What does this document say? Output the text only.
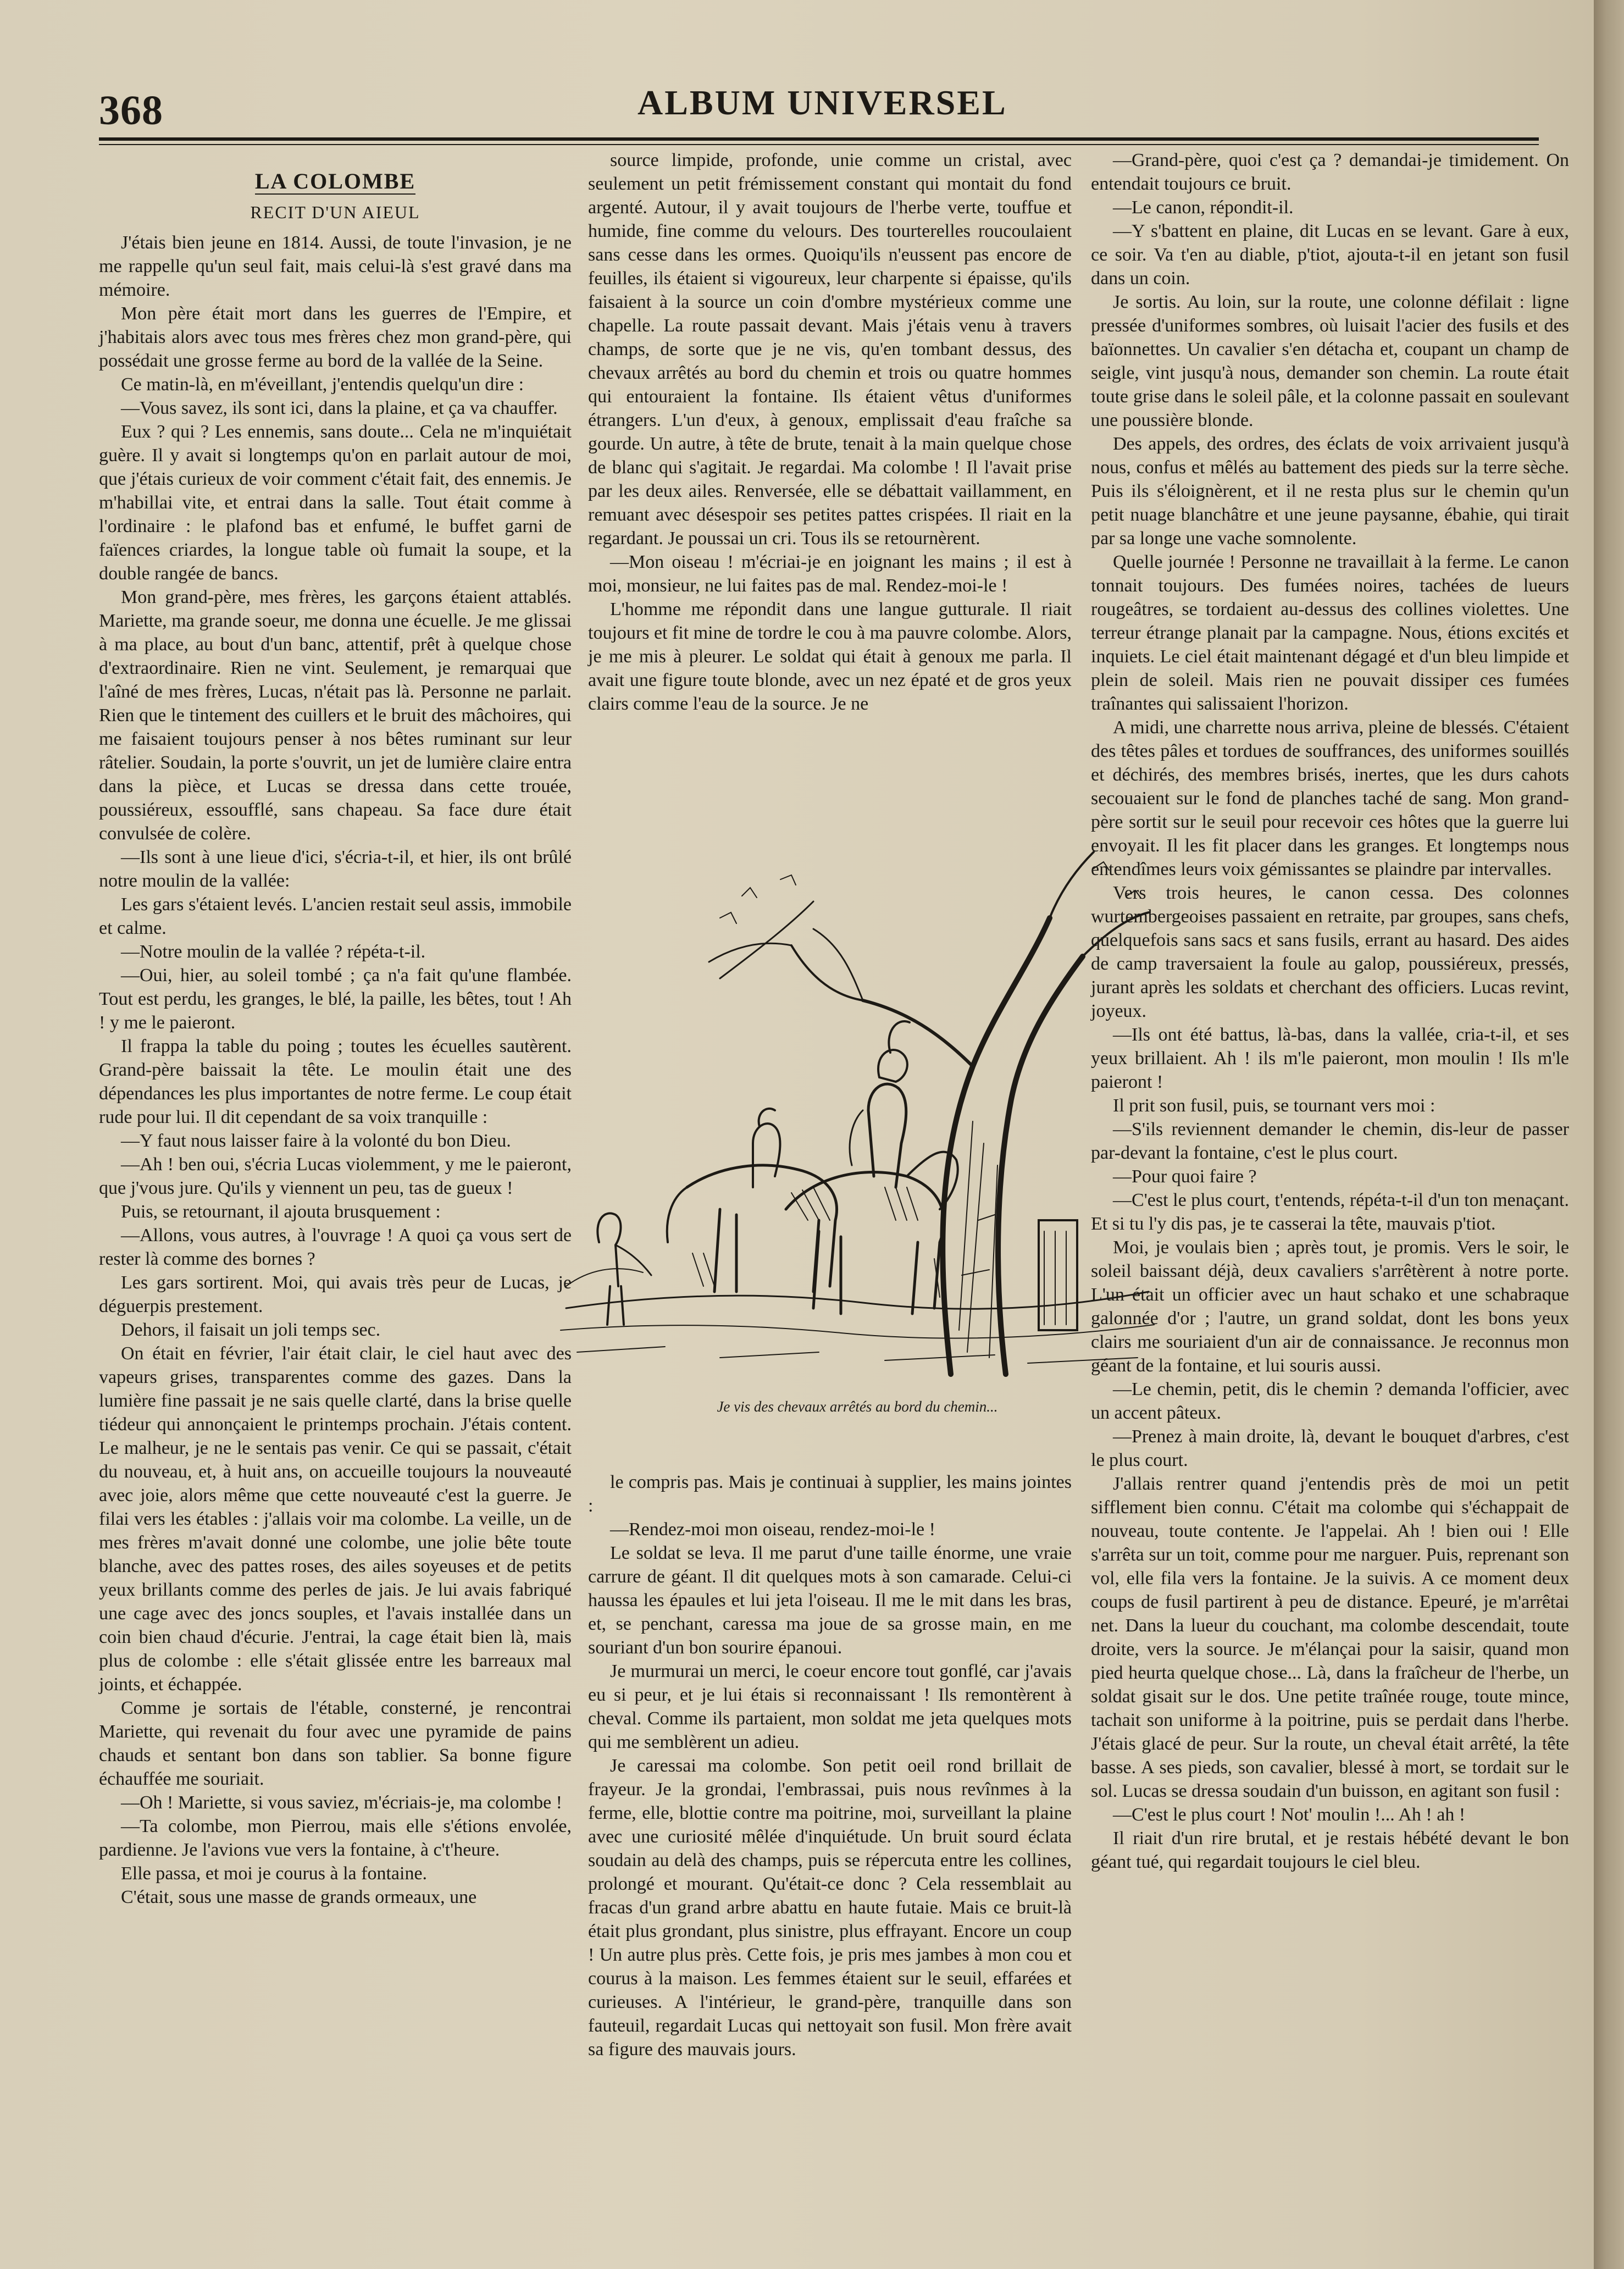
368	ALBUM UNIVERSEL
LA COLOMBE
RECIT D'UN AIEUL

J'étais bien jeune en 1814. Aussi, de toute l'invasion, je ne me rappelle qu'un seul fait, mais celui-là s'est gravé dans ma mémoire.

Mon père était mort dans les guerres de l'Empire, et j'habitais alors avec tous mes frères chez mon grand-père, qui possédait une grosse ferme au bord de la vallée de la Seine.

Ce matin-là, en m'éveillant, j'entendis quelqu'un dire :

—Vous savez, ils sont ici, dans la plaine, et ça va chauffer.

Eux ? qui ? Les ennemis, sans doute... Cela ne m'inquiétait guère. Il y avait si longtemps qu'on en parlait autour de moi, que j'étais curieux de voir comment c'était fait, des ennemis. Je m'habillai vite, et entrai dans la salle. Tout était comme à l'ordinaire : le plafond bas et enfumé, le buffet garni de faïences criardes, la longue table où fumait la soupe, et la double rangée de bancs.

Mon grand-père, mes frères, les garçons étaient attablés. Mariette, ma grande soeur, me donna une écuelle. Je me glissai à ma place, au bout d'un banc, attentif, prêt à quelque chose d'extraordinaire. Rien ne vint. Seulement, je remarquai que l'aîné de mes frères, Lucas, n'était pas là. Personne ne parlait. Rien que le tintement des cuillers et le bruit des mâchoires, qui me faisaient toujours penser à nos bêtes ruminant sur leur râtelier. Soudain, la porte s'ouvrit, un jet de lumière claire entra dans la pièce, et Lucas se dressa dans cette trouée, poussiéreux, essoufflé, sans chapeau. Sa face dure était convulsée de colère.

—Ils sont à une lieue d'ici, s'écria-t-il, et hier, ils ont brûlé notre moulin de la vallée:

Les gars s'étaient levés. L'ancien restait seul assis, immobile et calme.

—Notre moulin de la vallée ? répéta-t-il.

—Oui, hier, au soleil tombé ; ça n'a fait qu'une flambée. Tout est perdu, les granges, le blé, la paille, les bêtes, tout ! Ah ! y me le paieront.

Il frappa la table du poing ; toutes les écuelles sautèrent. Grand-père baissait la tête. Le moulin était une des dépendances les plus importantes de notre ferme. Le coup était rude pour lui. Il dit cependant de sa voix tranquille :

—Y faut nous laisser faire à la volonté du bon Dieu.

—Ah ! ben oui, s'écria Lucas violemment, y me le paieront, que j'vous jure. Qu'ils y viennent un peu, tas de gueux !

Puis, se retournant, il ajouta brusquement :

—Allons, vous autres, à l'ouvrage ! A quoi ça vous sert de rester là comme des bornes ?

Les gars sortirent. Moi, qui avais très peur de Lucas, je déguerpis prestement.

Dehors, il faisait un joli temps sec.

On était en février, l'air était clair, le ciel haut avec des vapeurs grises, transparentes comme des gazes. Dans la lumière fine passait je ne sais quelle clarté, dans la brise quelle tiédeur qui annonçaient le printemps prochain. J'étais content. Le malheur, je ne le sentais pas venir. Ce qui se passait, c'était du nouveau, et, à huit ans, on accueille toujours la nouveauté avec joie, alors même que cette nouveauté c'est la guerre. Je filai vers les étables : j'allais voir ma colombe. La veille, un de mes frères m'avait donné une colombe, une jolie bête toute blanche, avec des pattes roses, des ailes soyeuses et de petits yeux brillants comme des perles de jais. Je lui avais fabriqué une cage avec des joncs souples, et l'avais installée dans un coin bien chaud d'écurie. J'entrai, la cage était bien là, mais plus de colombe : elle s'était glissée entre les barreaux mal joints, et échappée.

Comme je sortais de l'étable, consterné, je rencontrai Mariette, qui revenait du four avec une pyramide de pains chauds et sentant bon dans son tablier. Sa bonne figure échauffée me souriait.

—Oh ! Mariette, si vous saviez, m'écriais-je, ma colombe !

—Ta colombe, mon Pierrou, mais elle s'étions envolée, pardienne. Je l'avions vue vers la fontaine, à c't'heure.

Elle passa, et moi je courus à la fontaine.

C'était, sous une masse de grands ormeaux, une

source limpide, profonde, unie comme un cristal, avec seulement un petit frémissement constant qui montait du fond argenté. Autour, il y avait toujours de l'herbe verte, touffue et humide, fine comme du velours. Des tourterelles roucoulaient sans cesse dans les ormes. Quoiqu'ils n'eussent pas encore de feuilles, ils étaient si vigoureux, leur charpente si épaisse, qu'ils faisaient à la source un coin d'ombre mystérieux comme une chapelle. La route passait devant. Mais j'étais venu à travers champs, de sorte que je ne vis, qu'en tombant dessus, des chevaux arrêtés au bord du chemin et trois ou quatre hommes qui entouraient la fontaine. Ils étaient vêtus d'uniformes étrangers. L'un d'eux, à genoux, emplissait d'eau fraîche sa gourde. Un autre, à tête de brute, tenait à la main quelque chose de blanc qui s'agitait. Je regardai. Ma colombe ! Il l'avait prise par les deux ailes. Renversée, elle se débattait vaillamment, en remuant avec désespoir ses petites pattes crispées. Il riait en la regardant. Je poussai un cri. Tous ils se retournèrent.

—Mon oiseau ! m'écriai-je en joignant les mains ; il est à moi, monsieur, ne lui faites pas de mal. Rendez-moi-le !

L'homme me répondit dans une langue gutturale. Il riait toujours et fit mine de tordre le cou à ma pauvre colombe. Alors, je me mis à pleurer. Le soldat qui était à genoux me parla. Il avait une figure toute blonde, avec un nez épaté et de gros yeux clairs comme l'eau de la source. Je ne

Je vis des chevaux arrêtés au bord du chemin...

le compris pas. Mais je continuai à supplier, les mains jointes :

—Rendez-moi mon oiseau, rendez-moi-le !

Le soldat se leva. Il me parut d'une taille énorme, une vraie carrure de géant. Il dit quelques mots à son camarade. Celui-ci haussa les épaules et lui jeta l'oiseau. Il me le mit dans les bras, et, se penchant, caressa ma joue de sa grosse main, en me souriant d'un bon sourire épanoui.

Je murmurai un merci, le coeur encore tout gonflé, car j'avais eu si peur, et je lui étais si reconnaissant ! Ils remontèrent à cheval. Comme ils partaient, mon soldat me jeta quelques mots qui me semblèrent un adieu.

Je caressai ma colombe. Son petit oeil rond brillait de frayeur. Je la grondai, l'embrassai, puis nous revînmes à la ferme, elle, blottie contre ma poitrine, moi, surveillant la plaine avec une curiosité mêlée d'inquiétude. Un bruit sourd éclata soudain au delà des champs, puis se répercuta entre les collines, prolongé et mourant. Qu'était-ce donc ? Cela ressemblait au fracas d'un grand arbre abattu en haute futaie. Mais ce bruit-là était plus grondant, plus sinistre, plus effrayant. Encore un coup ! Un autre plus près. Cette fois, je pris mes jambes à mon cou et courus à la maison. Les femmes étaient sur le seuil, effarées et curieuses. A l'intérieur, le grand-père, tranquille dans son fauteuil, regardait Lucas qui nettoyait son fusil. Mon frère avait sa figure des mauvais jours.

—Grand-père, quoi c'est ça ? demandai-je timidement. On entendait toujours ce bruit.

—Le canon, répondit-il.

—Y s'battent en plaine, dit Lucas en se levant. Gare à eux, ce soir. Va t'en au diable, p'tiot, ajouta-t-il en jetant son fusil dans un coin.

Je sortis. Au loin, sur la route, une colonne défilait : ligne pressée d'uniformes sombres, où luisait l'acier des fusils et des baïonnettes. Un cavalier s'en détacha et, coupant un champ de seigle, vint jusqu'à nous, demander son chemin. La route était toute grise dans le soleil pâle, et la colonne passait en soulevant une poussière blonde.

Des appels, des ordres, des éclats de voix arrivaient jusqu'à nous, confus et mêlés au battement des pieds sur la terre sèche. Puis ils s'éloignèrent, et il ne resta plus sur le chemin qu'un petit nuage blanchâtre et une jeune paysanne, ébahie, qui tirait par sa longe une vache somnolente.

Quelle journée ! Personne ne travaillait à la ferme. Le canon tonnait toujours. Des fumées noires, tachées de lueurs rougeâtres, se tordaient au-dessus des collines violettes. Une terreur étrange planait par la campagne. Nous, étions excités et inquiets. Le ciel était maintenant dégagé et d'un bleu limpide et plein de soleil. Mais rien ne pouvait dissiper ces fumées traînantes qui salissaient l'horizon.

A midi, une charrette nous arriva, pleine de blessés. C'étaient des têtes pâles et tordues de souffrances, des uniformes souillés et déchirés, des membres brisés, inertes, que les durs cahots secouaient sur le fond de planches taché de sang. Mon grand-père sortit sur le seuil pour recevoir ces hôtes que la guerre lui envoyait. Il les fit placer dans les granges. Et longtemps nous entendîmes leurs voix gémissantes se plaindre par intervalles.

Vers trois heures, le canon cessa. Des colonnes wurtembergeoises passaient en retraite, par groupes, sans chefs, quelquefois sans sacs et sans fusils, errant au hasard. Des aides de camp traversaient la foule au galop, poussiéreux, pressés, jurant après les soldats et cherchant des officiers. Lucas revint, joyeux.

—Ils ont été battus, là-bas, dans la vallée, cria-t-il, et ses yeux brillaient. Ah ! ils m'le paieront, mon moulin ! Ils m'le paieront !

Il prit son fusil, puis, se tournant vers moi :

—S'ils reviennent demander le chemin, dis-leur de passer par-devant la fontaine, c'est le plus court.

—Pour quoi faire ?

—C'est le plus court, t'entends, répéta-t-il d'un ton menaçant. Et si tu l'y dis pas, je te casserai la tête, mauvais p'tiot.

Moi, je voulais bien ; après tout, je promis. Vers le soir, le soleil baissant déjà, deux cavaliers s'arrêtèrent à notre porte. L'un était un officier avec un haut schako et une schabraque galonnée d'or ; l'autre, un grand soldat, dont les bons yeux clairs me souriaient d'un air de connaissance. Je reconnus mon géant de la fontaine, et lui souris aussi.

—Le chemin, petit, dis le chemin ? demanda l'officier, avec un accent pâteux.

—Prenez à main droite, là, devant le bouquet d'arbres, c'est le plus court.

J'allais rentrer quand j'entendis près de moi un petit sifflement bien connu. C'était ma colombe qui s'échappait de nouveau, toute contente. Je l'appelai. Ah ! bien oui ! Elle s'arrêta sur un toit, comme pour me narguer. Puis, reprenant son vol, elle fila vers la fontaine. Je la suivis. A ce moment deux coups de fusil partirent à peu de distance. Epeuré, je m'arrêtai net. Dans la lueur du couchant, ma colombe descendait, toute droite, vers la source. Je m'élançai pour la saisir, quand mon pied heurta quelque chose... Là, dans la fraîcheur de l'herbe, un soldat gisait sur le dos. Une petite traînée rouge, toute mince, tachait son uniforme à la poitrine, puis se perdait dans l'herbe. J'étais glacé de peur. Sur la route, un cheval était arrêté, la tête basse. A ses pieds, son cavalier, blessé à mort, se tordait sur le sol. Lucas se dressa soudain d'un buisson, en agitant son fusil :

—C'est le plus court ! Not' moulin !... Ah ! ah !

Il riait d'un rire brutal, et je restais hébété devant le bon géant tué, qui regardait toujours le ciel bleu.
